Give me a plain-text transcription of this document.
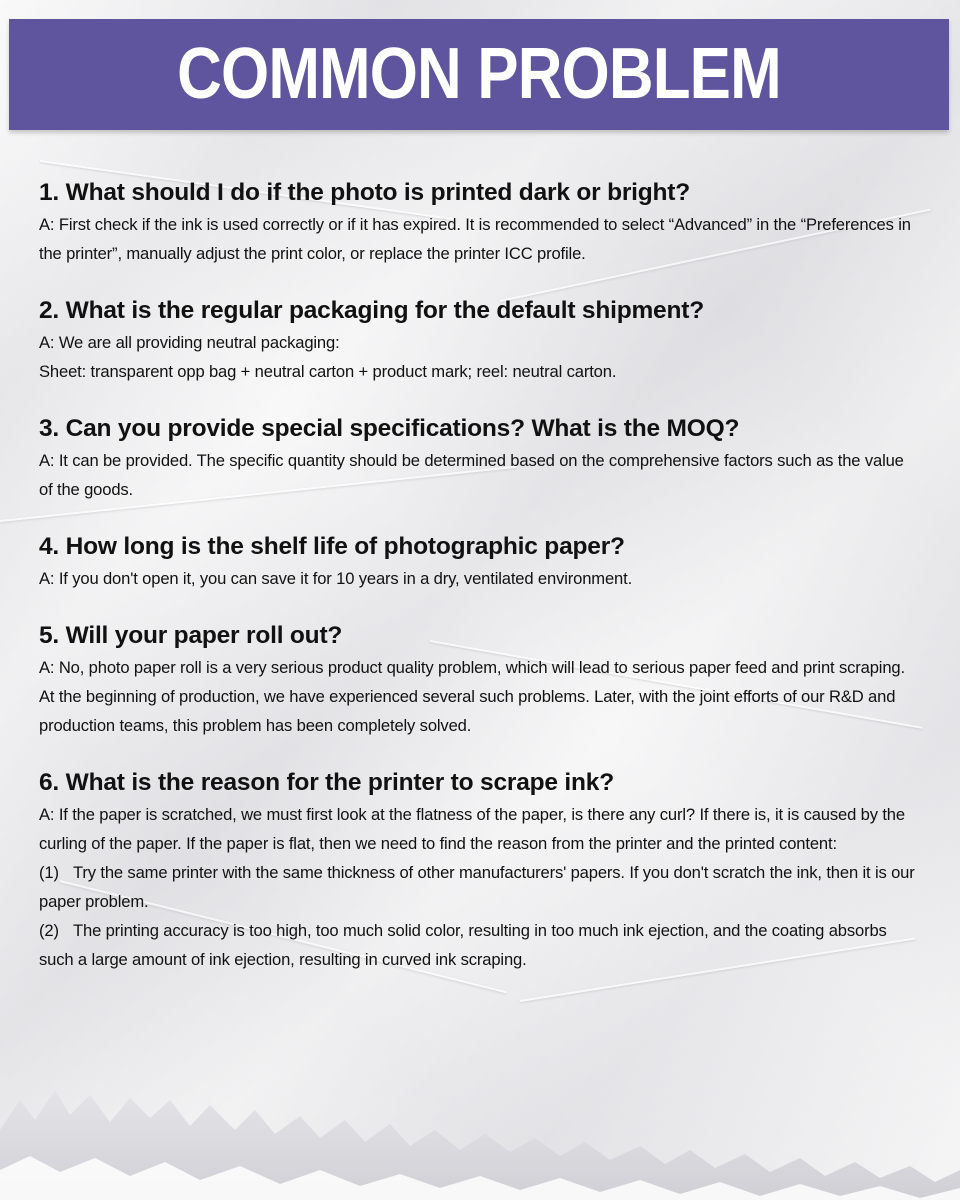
COMMON PROBLEM

1. What should I do if the photo is printed dark or bright?

A: First check if the ink is used correctly or if it has expired. It is recommended to select “Advanced” in the “Preferences in the printer”, manually adjust the print color, or replace the printer ICC profile.

2. What is the regular packaging for the default shipment?

A: We are all providing neutral packaging:

Sheet: transparent opp bag + neutral carton + product mark; reel: neutral carton.

3. Can you provide special specifications? What is the MOQ?

A: It can be provided. The specific quantity should be determined based on the comprehensive factors such as the value of the goods.

4. How long is the shelf life of photographic paper?

A: If you don't open it, you can save it for 10 years in a dry, ventilated environment.

5. Will your paper roll out?

A: No, photo paper roll is a very serious product quality problem, which will lead to serious paper feed and print scraping. At the beginning of production, we have experienced several such problems. Later, with the joint efforts of our R&D and production teams, this problem has been completely solved.

6. What is the reason for the printer to scrape ink?

A: If the paper is scratched, we must first look at the flatness of the paper, is there any curl? If there is, it is caused by the curling of the paper. If the paper is flat, then we need to find the reason from the printer and the printed content:

(1) Try the same printer with the same thickness of other manufacturers' papers. If you don't scratch the ink, then it is our paper problem.

(2) The printing accuracy is too high, too much solid color, resulting in too much ink ejection, and the coating absorbs such a large amount of ink ejection, resulting in curved ink scraping.
